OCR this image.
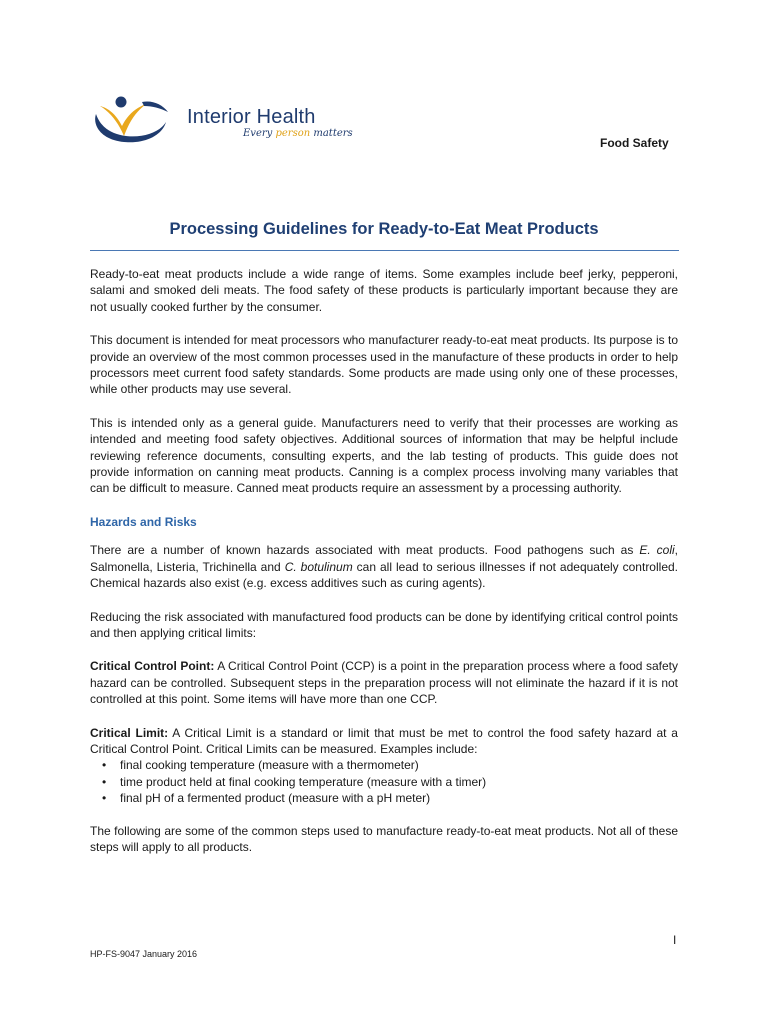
Interior Health
Every person matters
Food Safety
Processing Guidelines for Ready-to-Eat Meat Products

Ready-to-eat meat products include a wide range of items. Some examples include beef jerky, pepperoni, salami and smoked deli meats. The food safety of these products is particularly important because they are not usually cooked further by the consumer.

This document is intended for meat processors who manufacturer ready-to-eat meat products. Its purpose is to provide an overview of the most common processes used in the manufacture of these products in order to help processors meet current food safety standards. Some products are made using only one of these processes, while other products may use several.

This is intended only as a general guide. Manufacturers need to verify that their processes are working as intended and meeting food safety objectives. Additional sources of information that may be helpful include reviewing reference documents, consulting experts, and the lab testing of products. This guide does not provide information on canning meat products. Canning is a complex process involving many variables that can be difficult to measure. Canned meat products require an assessment by a processing authority.

Hazards and Risks

There are a number of known hazards associated with meat products. Food pathogens such as E. coli, Salmonella, Listeria, Trichinella and C. botulinum can all lead to serious illnesses if not adequately controlled. Chemical hazards also exist (e.g. excess additives such as curing agents).

Reducing the risk associated with manufactured food products can be done by identifying critical control points and then applying critical limits:

Critical Control Point: A Critical Control Point (CCP) is a point in the preparation process where a food safety hazard can be controlled. Subsequent steps in the preparation process will not eliminate the hazard if it is not controlled at this point. Some items will have more than one CCP.

Critical Limit: A Critical Limit is a standard or limit that must be met to control the food safety hazard at a Critical Control Point. Critical Limits can be measured. Examples include:

• final cooking temperature (measure with a thermometer)
• time product held at final cooking temperature (measure with a timer)
• final pH of a fermented product (measure with a pH meter)

The following are some of the common steps used to manufacture ready-to-eat meat products. Not all of these steps will apply to all products.

I
HP-FS-9047 January 2016
